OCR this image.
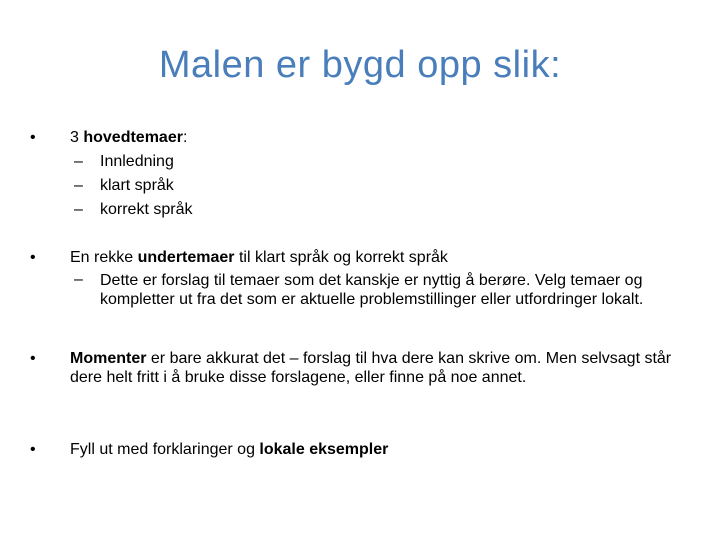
Malen er bygd opp slik:
•	3 hovedtemaer:
– Innledning
– klart språk
– korrekt språk
•	En rekke undertemaer til klart språk og korrekt språk
– Dette er forslag til temaer som det kanskje er nyttig å berøre. Velg temaer og kompletter ut fra det som er aktuelle problemstillinger eller utfordringer lokalt.
•	Momenter er bare akkurat det – forslag til hva dere kan skrive om. Men selvsagt står dere helt fritt i å bruke disse forslagene, eller finne på noe annet.
•	Fyll ut med forklaringer og lokale eksempler
